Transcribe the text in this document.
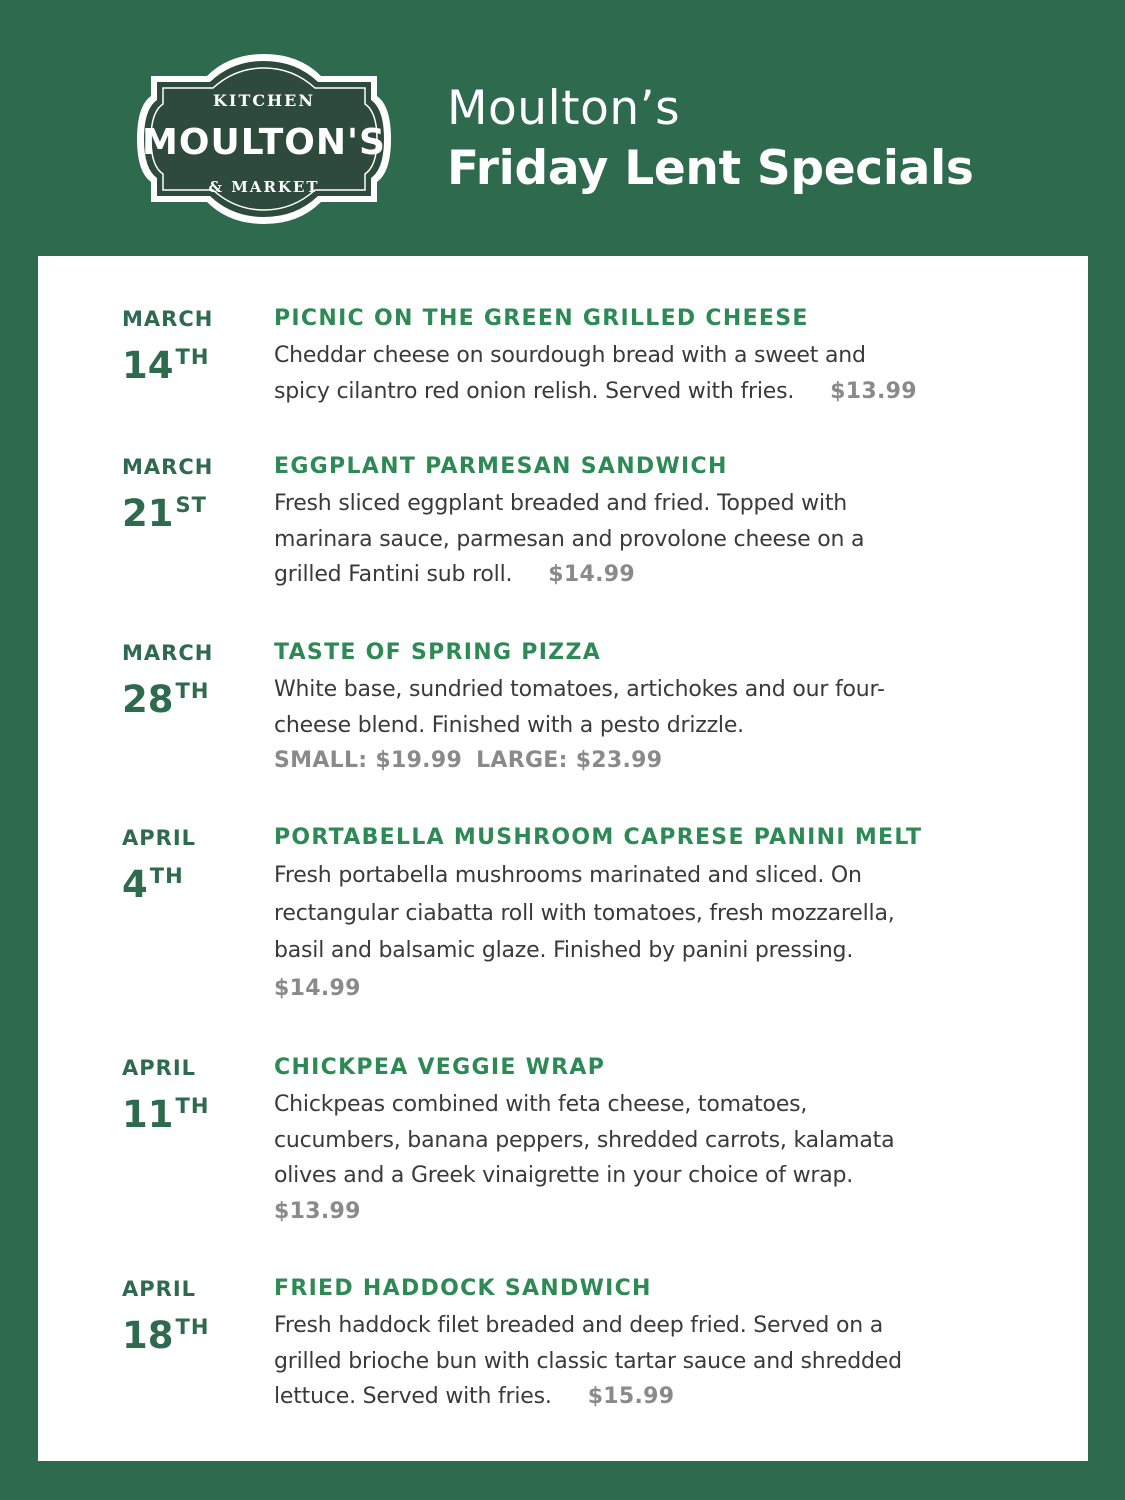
KITCHEN
MOULTON'S
& MARKET
Moulton’s
Friday Lent Specials
MARCH
14TH
PICNIC ON THE GREEN GRILLED CHEESE
Cheddar cheese on sourdough bread with a sweet and
spicy cilantro red onion relish. Served with fries. $13.99
MARCH
21ST
EGGPLANT PARMESAN SANDWICH
Fresh sliced eggplant breaded and fried. Topped with
marinara sauce, parmesan and provolone cheese on a
grilled Fantini sub roll. $14.99
MARCH
28TH
TASTE OF SPRING PIZZA
White base, sundried tomatoes, artichokes and our four-
cheese blend. Finished with a pesto drizzle.
SMALL: $19.99 LARGE: $23.99
APRIL
4TH
PORTABELLA MUSHROOM CAPRESE PANINI MELT
Fresh portabella mushrooms marinated and sliced. On
rectangular ciabatta roll with tomatoes, fresh mozzarella,
basil and balsamic glaze. Finished by panini pressing.
$14.99
APRIL
11TH
CHICKPEA VEGGIE WRAP
Chickpeas combined with feta cheese, tomatoes,
cucumbers, banana peppers, shredded carrots, kalamata
olives and a Greek vinaigrette in your choice of wrap.
$13.99
APRIL
18TH
FRIED HADDOCK SANDWICH
Fresh haddock filet breaded and deep fried. Served on a
grilled brioche bun with classic tartar sauce and shredded
lettuce. Served with fries. $15.99
